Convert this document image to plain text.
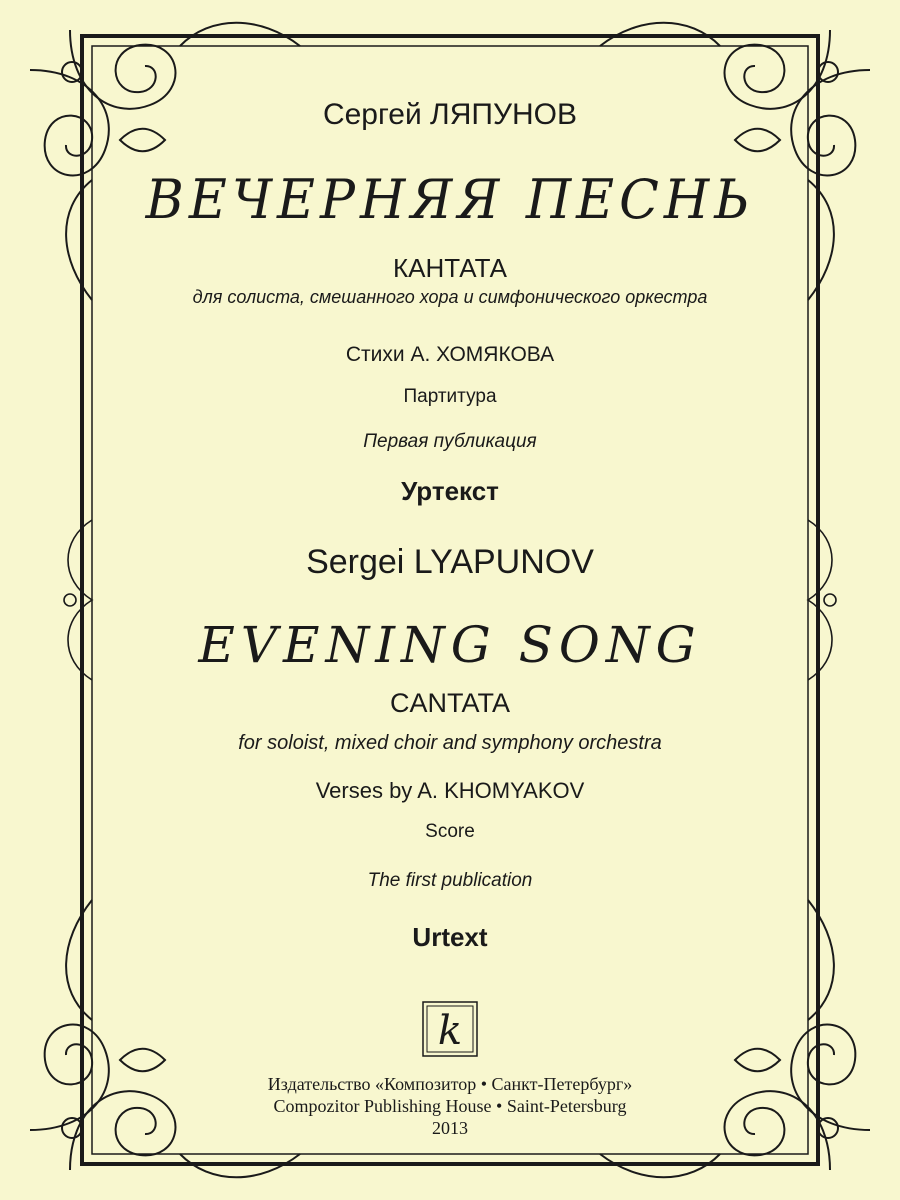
Сергей ЛЯПУНОВ
ВЕЧЕРНЯЯ ПЕСНЬ
КАНТАТА
для солиста, смешанного хора и симфонического оркестра
Стихи А. ХОМЯКОВА
Партитура
Первая публикация
Уртекст
Sergei LYAPUNOV
EVENING SONG
CANTATA
for soloist, mixed choir and symphony orchestra
Verses by A. KHOMYAKOV
Score
The first publication
Urtext
k
Издательство «Композитор • Санкт-Петербург»
Compozitor Publishing House • Saint-Petersburg
2013
